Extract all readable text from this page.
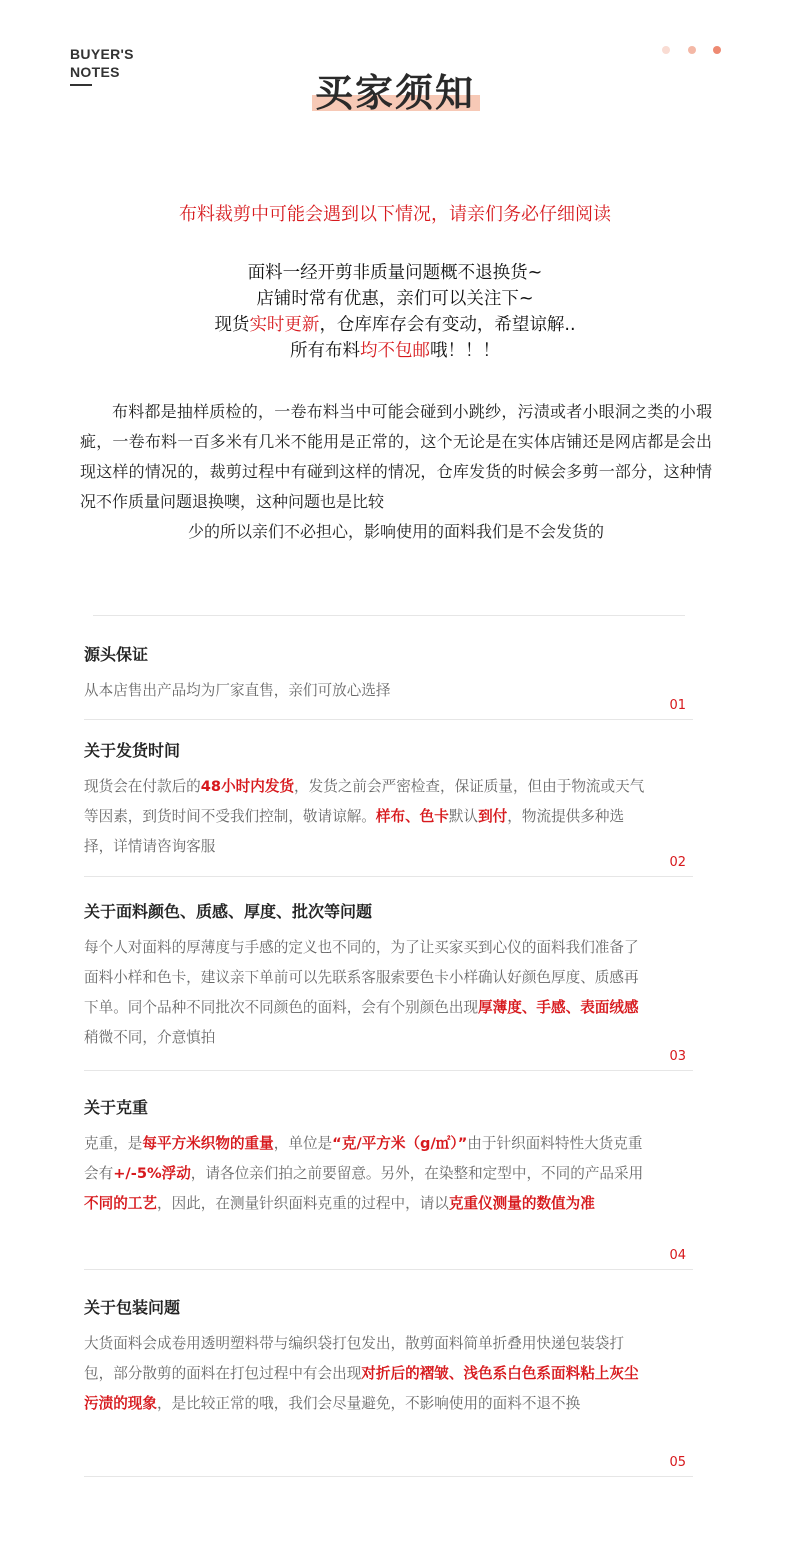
BUYER'S
NOTES	买家须知
布料裁剪中可能会遇到以下情况，请亲们务必仔细阅读
面料一经开剪非质量问题概不退换货~
店铺时常有优惠，亲们可以关注下~
现货实时更新，仓库库存会有变动，希望谅解..
所有布料均不包邮哦！！！
布料都是抽样质检的，一卷布料当中可能会碰到小跳纱，污渍或者小眼洞之类的小瑕疵，一卷布料一百多米有几米不能用是正常的，这个无论是在实体店铺还是网店都是会出现这样的情况的，裁剪过程中有碰到这样的情况，仓库发货的时候会多剪一部分，这种情况不作质量问题退换噢，这种问题也是比较
少的所以亲们不必担心，影响使用的面料我们是不会发货的
源头保证
从本店售出产品均为厂家直售，亲们可放心选择
01
关于发货时间
现货会在付款后的48小时内发货，发货之前会严密检查，保证质量，但由于物流或天气等因素，到货时间不受我们控制，敬请谅解。样布、色卡默认到付，物流提供多种选择，详情请咨询客服
02
关于面料颜色、质感、厚度、批次等问题
每个人对面料的厚薄度与手感的定义也不同的，为了让买家买到心仪的面料我们准备了面料小样和色卡，建议亲下单前可以先联系客服索要色卡小样确认好颜色厚度、质感再下单。同个品种不同批次不同颜色的面料，会有个别颜色出现厚薄度、手感、表面绒感稍微不同，介意慎拍
03
关于克重
克重，是每平方米织物的重量，单位是“克/平方米（g/㎡）”由于针织面料特性大货克重会有+/-5%浮动，请各位亲们拍之前要留意。另外，在染整和定型中，不同的产品采用不同的工艺，因此，在测量针织面料克重的过程中，请以克重仪测量的数值为准
04
关于包装问题
大货面料会成卷用透明塑料带与编织袋打包发出，散剪面料简单折叠用快递包装袋打包，部分散剪的面料在打包过程中有会出现对折后的褶皱、浅色系白色系面料粘上灰尘污渍的现象，是比较正常的哦，我们会尽量避免，不影响使用的面料不退不换
05
